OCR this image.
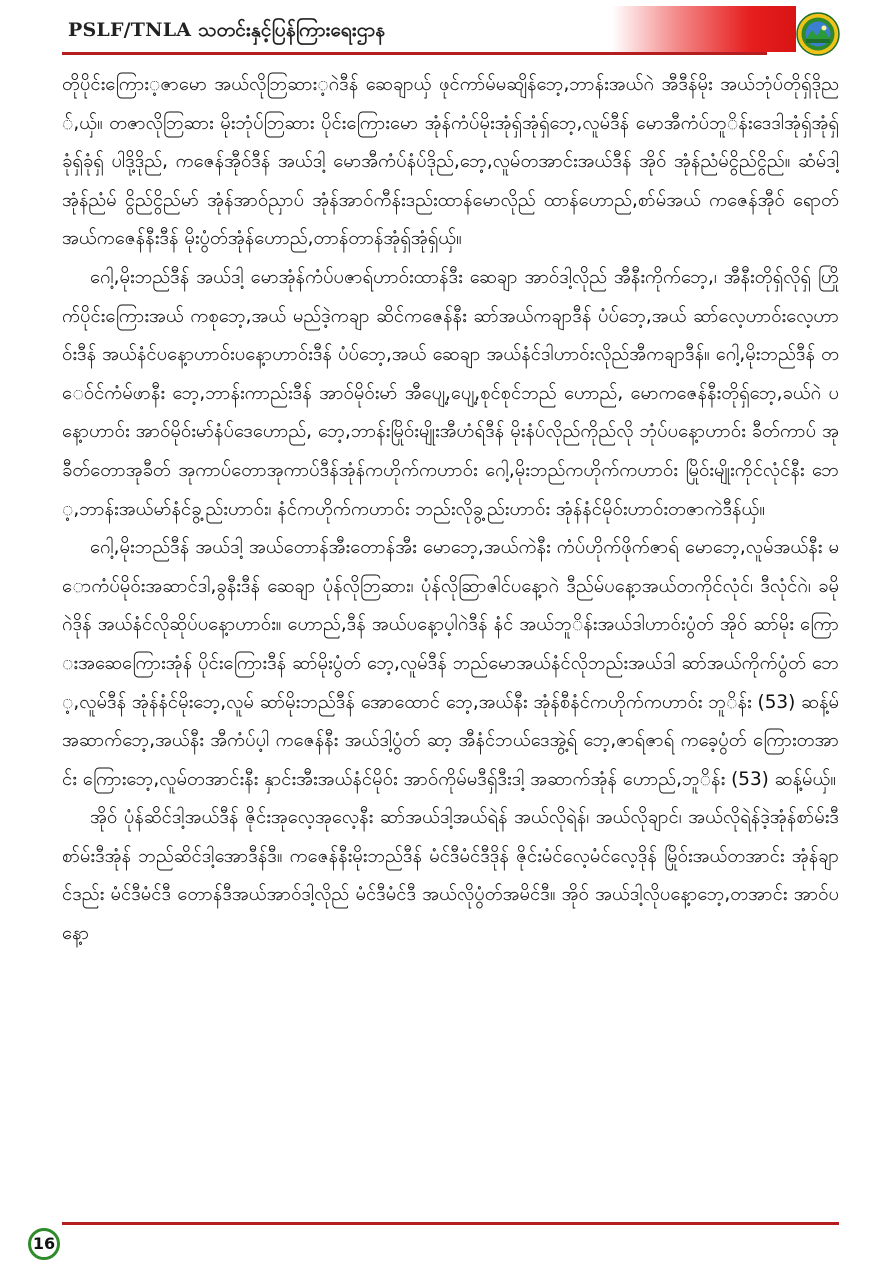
PSLF/TNLA သတင်းနှင့်ပြန်ကြားရေးဌာန

တိုပိုင်းကြေား့ဇာမော အယ်လိုဘြဆား့ဂဲဒီန် ဆေချာယှ် ဖုင်ကာ်မ်မဆျိန်ဘေ့,ဘာန်းအယ်ဂဲ အီဒီန်မိုး အယ်ဘုံပ်တိုရှ်ဒိုည်,ယှ်။ တဇာလိုဘြဆား မိုးဘုံပ်ဘြဆား ပိုင်းကြေားမော အုံန်ကံပ်မိုးအုံရှ်အုံရှ်ဘေ့,လူမ်ဒီန် မောအီကံပ်ဘူိန်းဒေဒါအုံရှ်အုံရှ်ခုံရှ်ခုံရှ် ပါဒို့ဒိုည်, ကဇေန်အီုဝ်ဒီန် အယ်ဒါ့ မောအီကံပ်နံပ်ဒိုည်,ဘေ့,လူမ်တအာင်းအယ်ဒီန် အိုဝ် အုံန်ညံမ်ငွိည်ငွိည်။ ဆံမ်ဒါ့ အုံန်ညံမ် ငွိည်ငွိည်မာ် အုံန်အာဝ်ညှာပ် အုံန်အာဝ်ကီန်းဒည်းထာန်မောလိုည် ထာန်ဟောည်,စာ်မ်အယ် ကဇေန်အီုဝ် ရောတ်အယ်ကဇေန်နီးဒီန် မိုးပွံတ်အုံန်ဟောည်,တာန်တာန်အုံရှ်အုံရှ်ယှ်။

ဂေါ့,မိုးဘည်ဒီန် အယ်ဒါ့ မောအုံန်ကံပ်ပဇာရ်ဟာဝ်းထာန်ဒီး ဆေချာ အာဝ်ဒါ့လိုည် အီနီးကိုက်ဘေ့,၊ အီနီးတိုရှ်လိုရှ် ဟြိုက်ပိုင်းကြေားအယ် ကစုဘေ့,အယ် မည်ဒဲ့ကချာ ဆိင်ကဇေန်နီး ဆာ်အယ်ကချာဒီန် ပံပ်ဘေ့,အယ် ဆာ်လေ့ဟာဝ်းလေ့ဟာဝ်းဒီန် အယ်နံင်ပနေ့ာဟာဝ်းပနေ့ာဟာဝ်းဒီန် ပံပ်ဘေ့,အယ် ဆေချာ အယ်နံင်ဒါဟာဝ်းလိုည်အီကချာဒီန်။ ဂေါ့,မိုးဘည်ဒီန် တေဝ်င်ကံမ်ဖာနီး ဘေ့,ဘာန်းကာည်းဒီန် အာဝ်မိုဝ်းမာ် အီပျေ့,ပျေ့,စုင်စုင်ဘည် ဟောည်, မောကဇေန်နီးတိုရှ်ဘေ့,ခယ်ဂဲ ပနေ့ာဟာဝ်း အာဝ်မိုဝ်းမာ်နံပ်ဒေဟောည်, ဘေ့,ဘာန်းမြိုဝ်းမျိုးအီဟံရ်ဒီန် မိုးနံပ်လိုည်ကိုည်လို ဘုံပ်ပနေ့ာဟာဝ်း ခီတ်ကာပ် အုခီတ်တောအုခီတ် အုကာပ်တောအုကာပ်ဒီန်အုံန်ကဟိုက်ကဟာဝ်း ဂေါ့,မိုးဘည်ကဟိုက်ကဟာဝ်း မြိုဝ်းမျိုးကိုင်လုံင်နီး ဘေ့,ဘာန်းအယ်မာ်နံင်ခွ့ည်းဟာဝ်း၊ နံင်ကဟိုက်ကဟာဝ်း ဘည်းလိုခွ့ည်းဟာဝ်း အုံန်နံင်မိုဝ်းဟာဝ်းတဇာကဲဒီန်ယှ်။

ဂေါ့,မိုးဘည်ဒီန် အယ်ဒါ့ အယ်တောန်အီးတောန်အီး မောဘေ့,အယ်ကဲနီး ကံပ်ဟိုက်ဖိုက်ဇာရ် မောဘေ့,လူမ်အယ်နီး မောကံပ်မိုဝ်းအဆာင်ဒါ,ခွနီးဒီန် ဆေချာ ပုံန်လိုဘြဆား၊ ပုံန်လိုဆြာဇါင်ပနေ့ာဂဲ ဒီည်မ်ပနေ့ာအယ်တကိုင်လုံင်၊ ဒီလုံင်ဂဲ၊ ခမိုဂဲဒိုန် အယ်နံင်လိုဆိုပ်ပနေ့ာဟာဝ်း။ ဟောည်,ဒီန် အယ်ပနေ့ာပ့ါဂဲဒီန် နံင် အယ်ဘူိန်းအယ်ဒါဟာဝ်းပွံတ် အိုဝ် ဆာ်မိုး ကြေားအဆေကြေားအုံန် ပိုင်းကြေားဒီန် ဆာ်မိုးပွံတ် ဘေ့,လူမ်ဒီန် ဘည်မောအယ်နံင်လိုဘည်းအယ်ဒါ ဆာ်အယ်ကိုက်ပွံတ် ဘေ့,လူမ်ဒီန် အုံန်နံင်မိုးဘေ့,လူမ် ဆာ်မိုးဘည်ဒီန် အောထောင် ဘေ့,အယ်နီး အုံန်စီနံင်ကဟိုက်ကဟာဝ်း ဘူိန်း (53) ဆန့်မ် အဆာက်ဘေ့,အယ်နီး အီကံပ်ပ့ါ ကဇေန်နီး အယ်ဒါ့ပွံတ် ဆာ့ အီနံင်ဘယ်ဒေအွဲ့ရ် ဘေ့,ဇာရ်ဇာရ် ကခေ့ပွံတ် ကြေားတအာင်း ကြေားဘေ့,လူမ်တအာင်းနီး နှာင်းအီးအယ်နံင်မိုဝ်း အာဝ်ကိုမ်မဒီရှ်ဒီးဒါ့ အဆာက်အုံန် ဟောည်,ဘူိန်း (53) ဆန့်မ်ယှ်။

အိုဝ် ပုံန်ဆိင်ဒါ့အယ်ဒီန် ဇိုင်းအုလေ့အုလေ့နီး ဆာ်အယ်ဒါ့အယ်ရဲန် အယ်လိုရဲန်၊ အယ်လိုချာင်၊ အယ်လိုရဲန်ဒဲ့အုံန်စာ်မ်းဒီစာ်မ်းဒီအုံန် ဘည်ဆိင်ဒါ့အောဒီန်ဒီ။ ကဇေန်နီးမိုးဘည်ဒီန် မံင်ဒီမံင်ဒီဒိုန် ဇိုင်းမံင်လေ့မံင်လေ့ဒိုန် မြိုဝ်းအယ်တအာင်း အုံန်ချာင်ဒည်း မံင်ဒီမံင်ဒီ တောန်ဒီအယ်အာဝ်ဒါ့လိုည် မံင်ဒီမံင်ဒီ အယ်လိုပွံတ်အမိင်ဒီ။ အိုဝ် အယ်ဒါ့လိုပနေ့ာဘေ့,တအာင်း အာဝ်ပနေ့ာ

16
